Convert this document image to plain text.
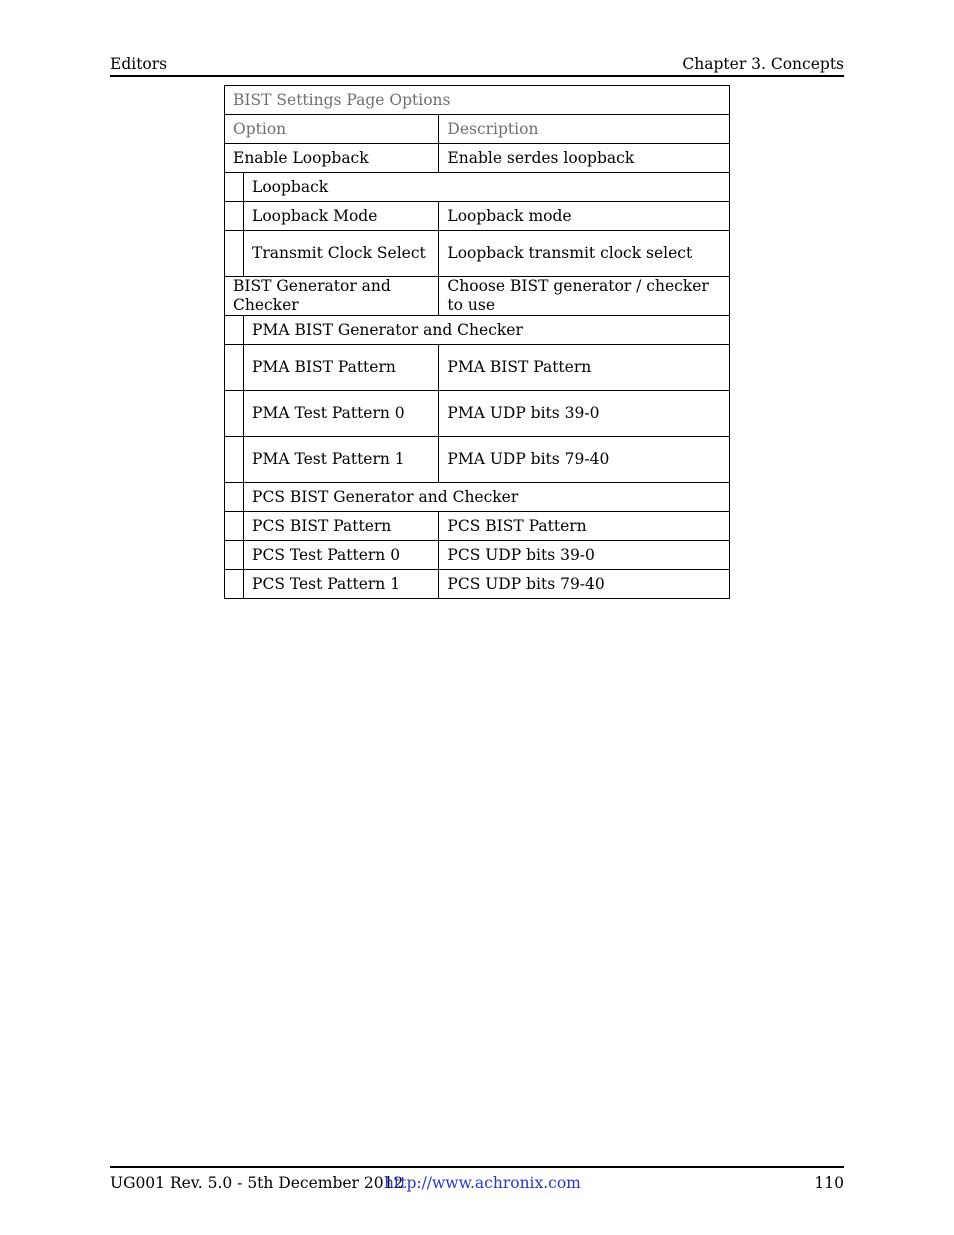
Editors	Chapter 3. Concepts
BIST Settings Page Options		
Option		Description
Enable Loopback		Enable serdes loopback
	Loopback	
	Loopback Mode	Loopback mode
	Transmit Clock Select	Loopback transmit clock select
BIST Generator and Checker		Choose BIST generator / checker to use
	PMA BIST Generator and Checker	
	PMA BIST Pattern	PMA BIST Pattern
	PMA Test Pattern 0	PMA UDP bits 39-0
	PMA Test Pattern 1	PMA UDP bits 79-40
	PCS BIST Generator and Checker	
	PCS BIST Pattern	PCS BIST Pattern
	PCS Test Pattern 0	PCS UDP bits 39-0
	PCS Test Pattern 1	PCS UDP bits 79-40
UG001 Rev. 5.0 - 5th December 2012
http://www.achronix.com	110
